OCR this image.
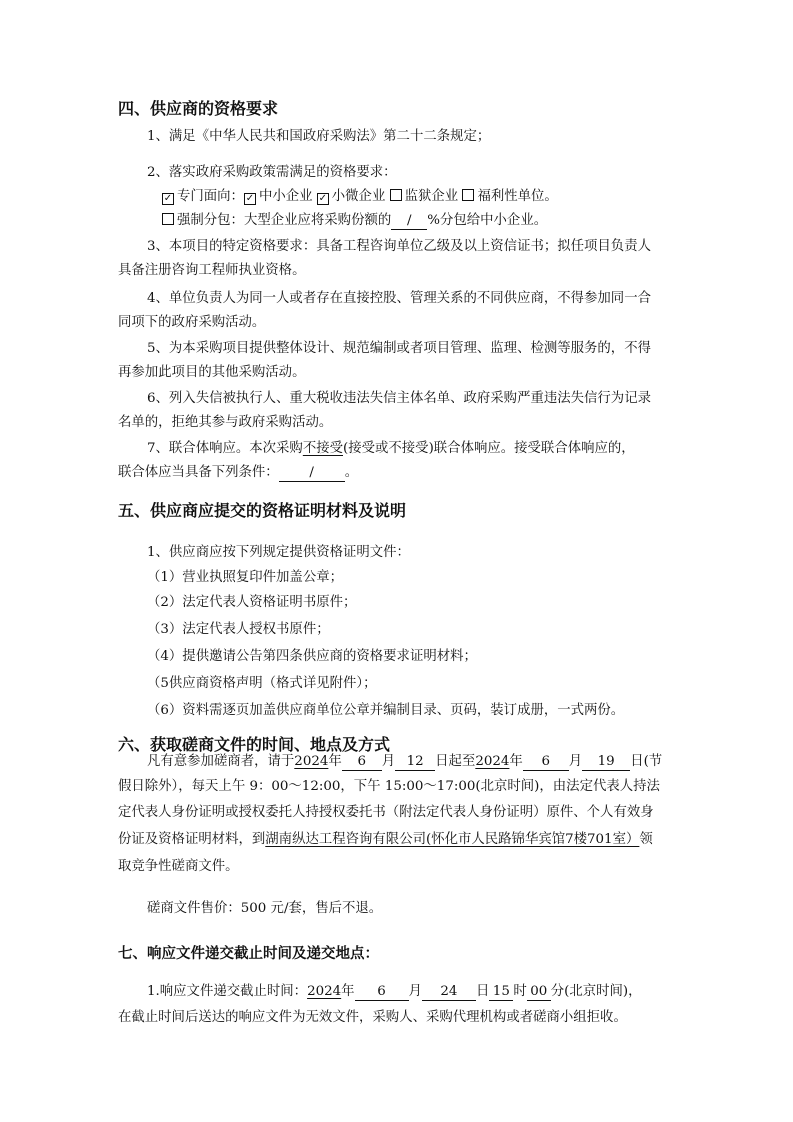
四、供应商的资格要求
1、满足《中华人民共和国政府采购法》第二十二条规定；
2、落实政府采购政策需满足的资格要求：
✓ 专门面向： ✓ 中小企业 ✓ 小微企业 监狱企业 福利性单位。
强制分包：大型企业应将采购份额的 / %分包给中小企业。
3、本项目的特定资格要求：具备工程咨询单位乙级及以上资信证书；拟任项目负责人
具备注册咨询工程师执业资格。
4、单位负责人为同一人或者存在直接控股、管理关系的不同供应商，不得参加同一合
同项下的政府采购活动。
5、为本采购项目提供整体设计、规范编制或者项目管理、监理、检测等服务的，不得
再参加此项目的其他采购活动。
6、列入失信被执行人、重大税收违法失信主体名单、政府采购严重违法失信行为记录
名单的，拒绝其参与政府采购活动。
7、联合体响应。本次采购不接受(接受或不接受)联合体响应。接受联合体响应的，
联合体应当具备下列条件： / 。
五、供应商应提交的资格证明材料及说明
1、供应商应按下列规定提供资格证明文件：
（1）营业执照复印件加盖公章；
（2）法定代表人资格证明书原件；
（3）法定代表人授权书原件；
（4）提供邀请公告第四条供应商的资格要求证明材料；
（5供应商资格声明（格式详见附件）；
（6）资料需逐页加盖供应商单位公章并编制目录、页码，装订成册，一式两份。
六、获取磋商文件的时间、地点及方式
凡有意参加磋商者，请于2024年 6 月 12 日起至2024年 6 月 19 日(节
假日除外），每天上午 9：00～12:00，下午 15:00～17:00(北京时间)，由法定代表人持法
定代表人身份证明或授权委托人持授权委托书（附法定代表人身份证明）原件、个人有效身
份证及资格证明材料，到湖南纵达工程咨询有限公司(怀化市人民路锦华宾馆7楼701室）领
取竞争性磋商文件。
磋商文件售价：500 元/套，售后不退。
七、响应文件递交截止时间及递交地点：
1.响应文件递交截止时间：2024年 6 月 24 日 15 时 00 分(北京时间)，
在截止时间后送达的响应文件为无效文件，采购人、采购代理机构或者磋商小组拒收。
